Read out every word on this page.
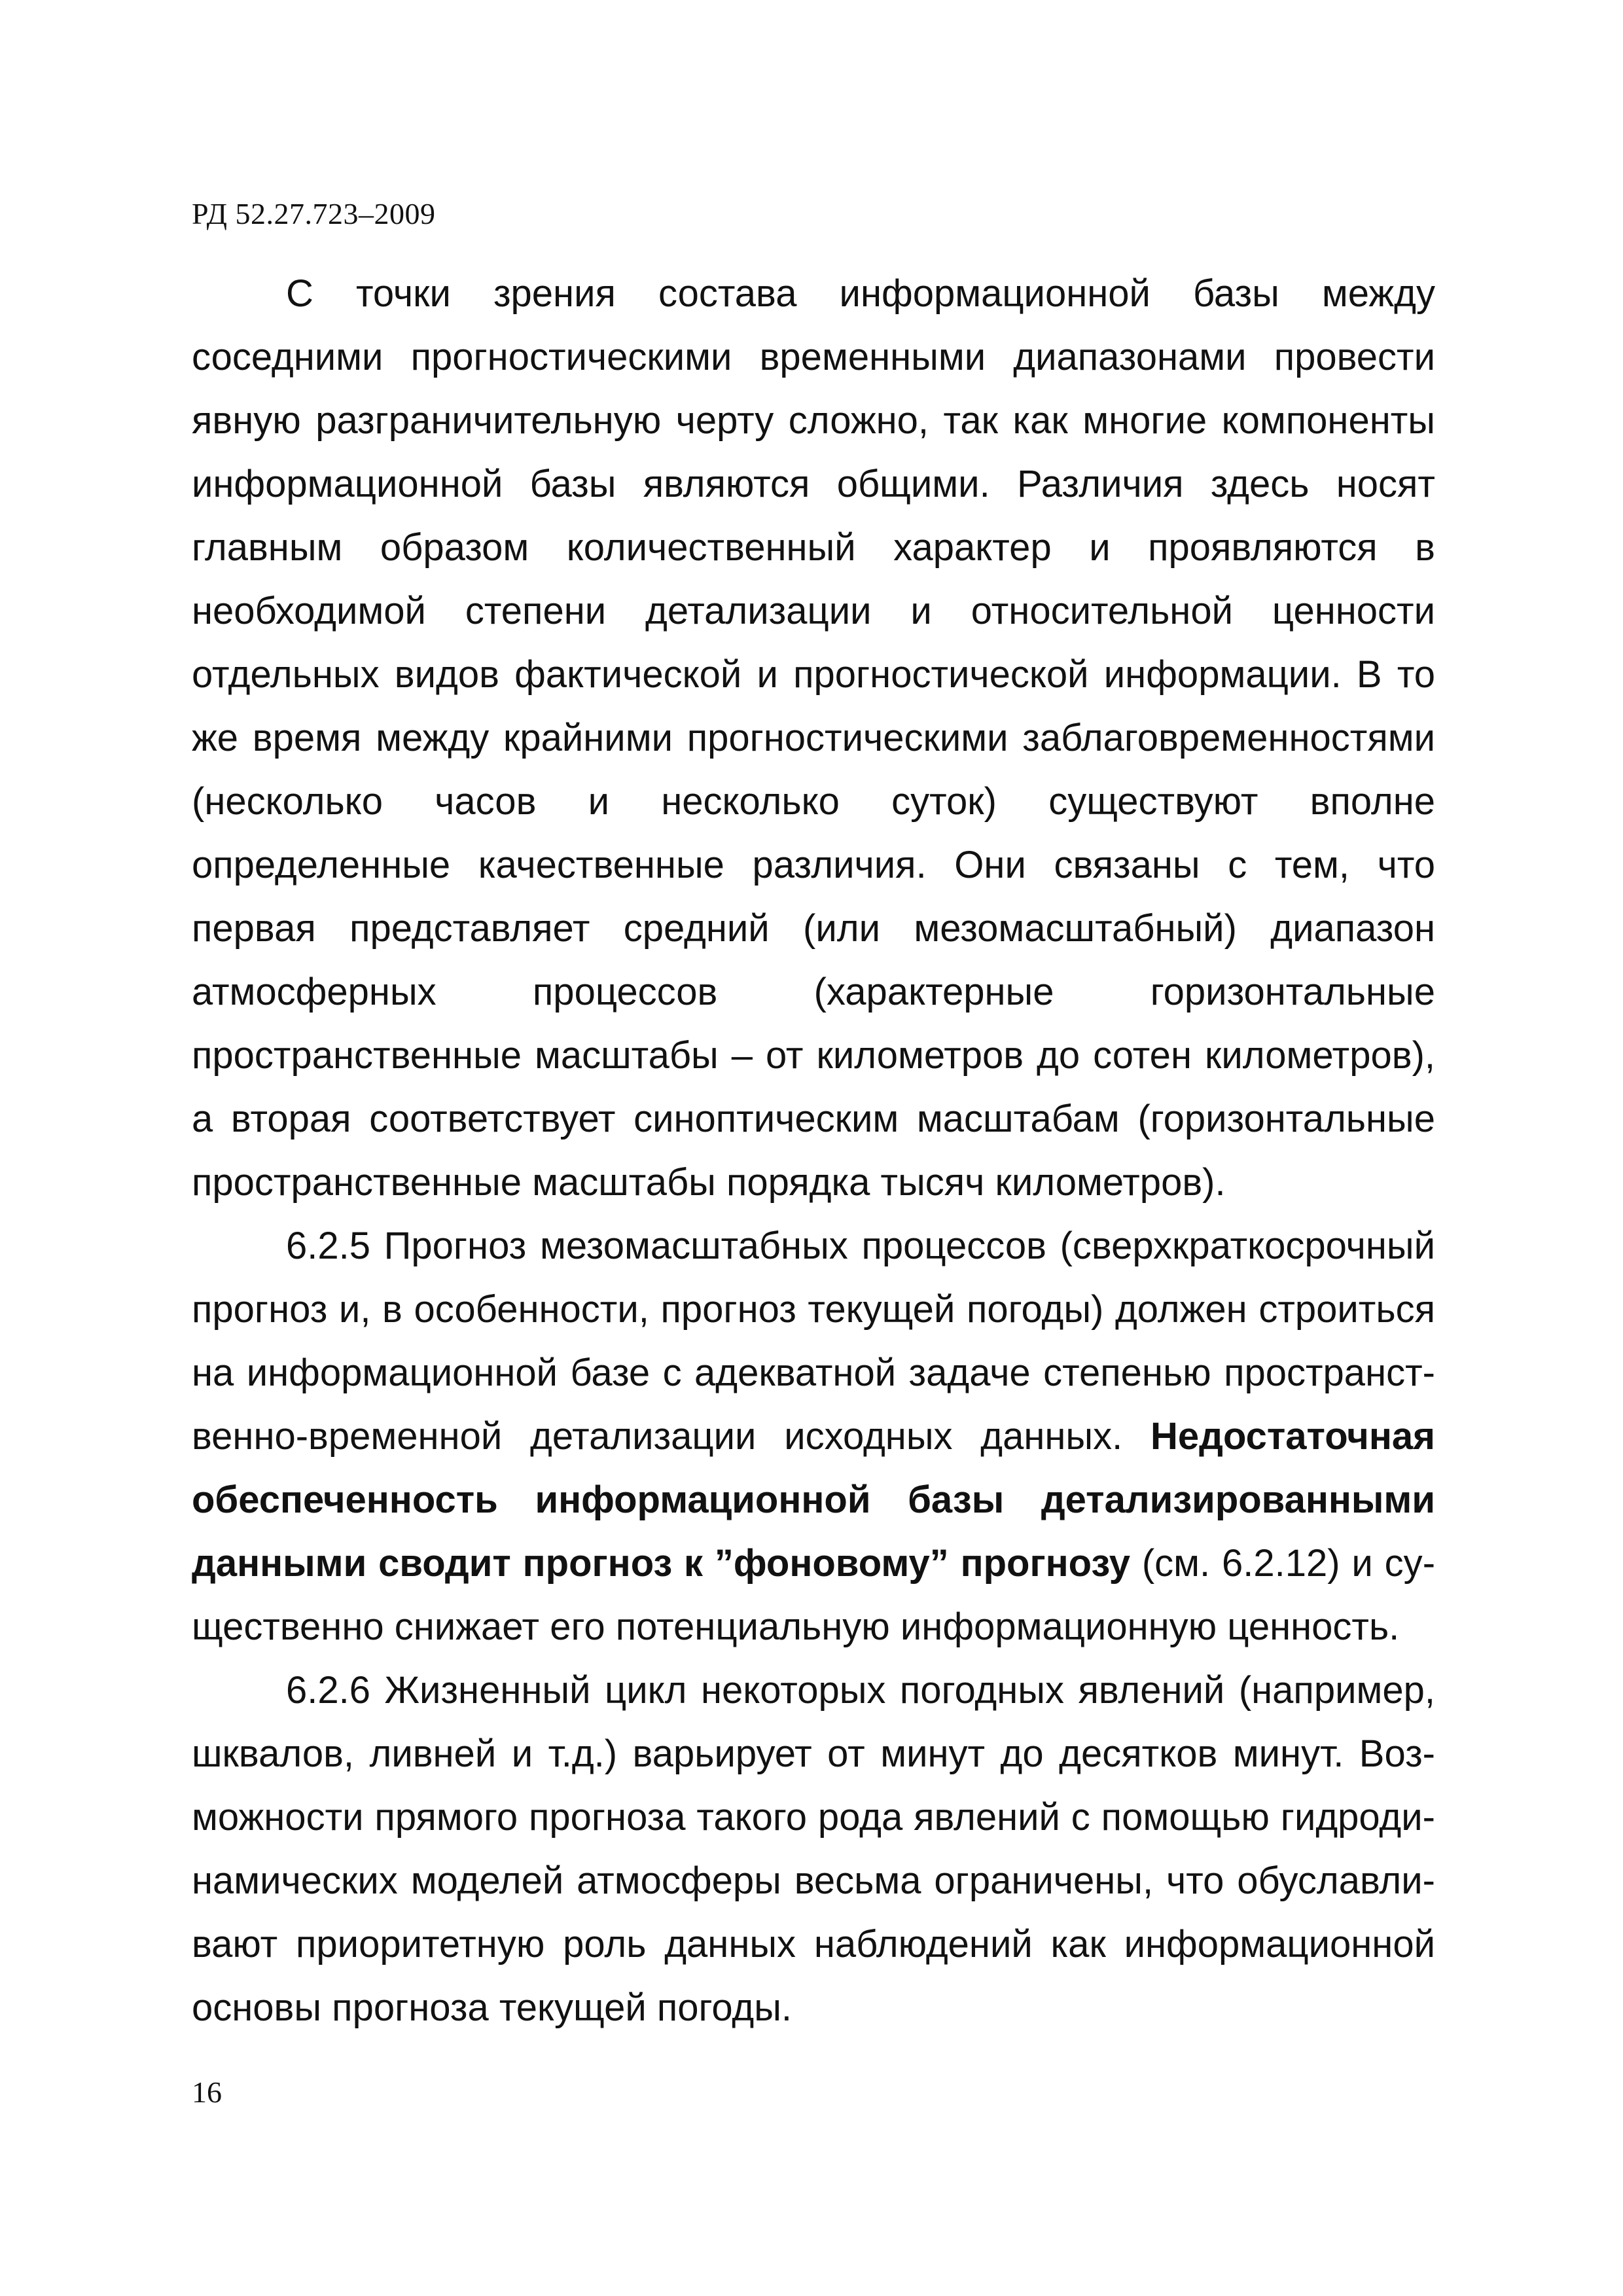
РД 52.27.723–2009

С точки зрения состава информационной базы между соседними прогностическими временными диапазонами провести явную разграничительную черту сложно, так как многие компоненты информационной базы являются общими. Различия здесь носят главным образом количественный характер и проявляются в необходимой степени детализации и относительной ценности отдельных видов фактической и прогностической информации. В то же время между крайними прогностическими заблаговременностями (несколько часов и несколько суток) существуют вполне определенные качественные различия. Они связаны с тем, что первая представляет средний (или мезомасштабный) диапазон атмосферных процессов (характерные горизонтальные пространственные масштабы – от километров до сотен километров), а вторая соответствует синоптическим масштабам (горизонтальные пространственные масштабы порядка тысяч километров).

6.2.5 Прогноз мезомасштабных процессов (сверхкраткосрочный прогноз и, в особенности, прогноз текущей погоды) должен строиться на информационной базе с адекватной задаче степенью пространственно-временной детализации исходных данных. Недостаточная обеспеченность информационной базы детализированными данными сводит прогноз к ”фоновому” прогнозу (см. 6.2.12) и существенно снижает его потенциальную информационную ценность.

6.2.6 Жизненный цикл некоторых погодных явлений (например, шквалов, ливней и т.д.) варьирует от минут до десятков минут. Возможности прямого прогноза такого рода явлений с помощью гидродинамических моделей атмосферы весьма ограничены, что обуславливают приоритетную роль данных наблюдений как информационной основы прогноза текущей погоды.

16
